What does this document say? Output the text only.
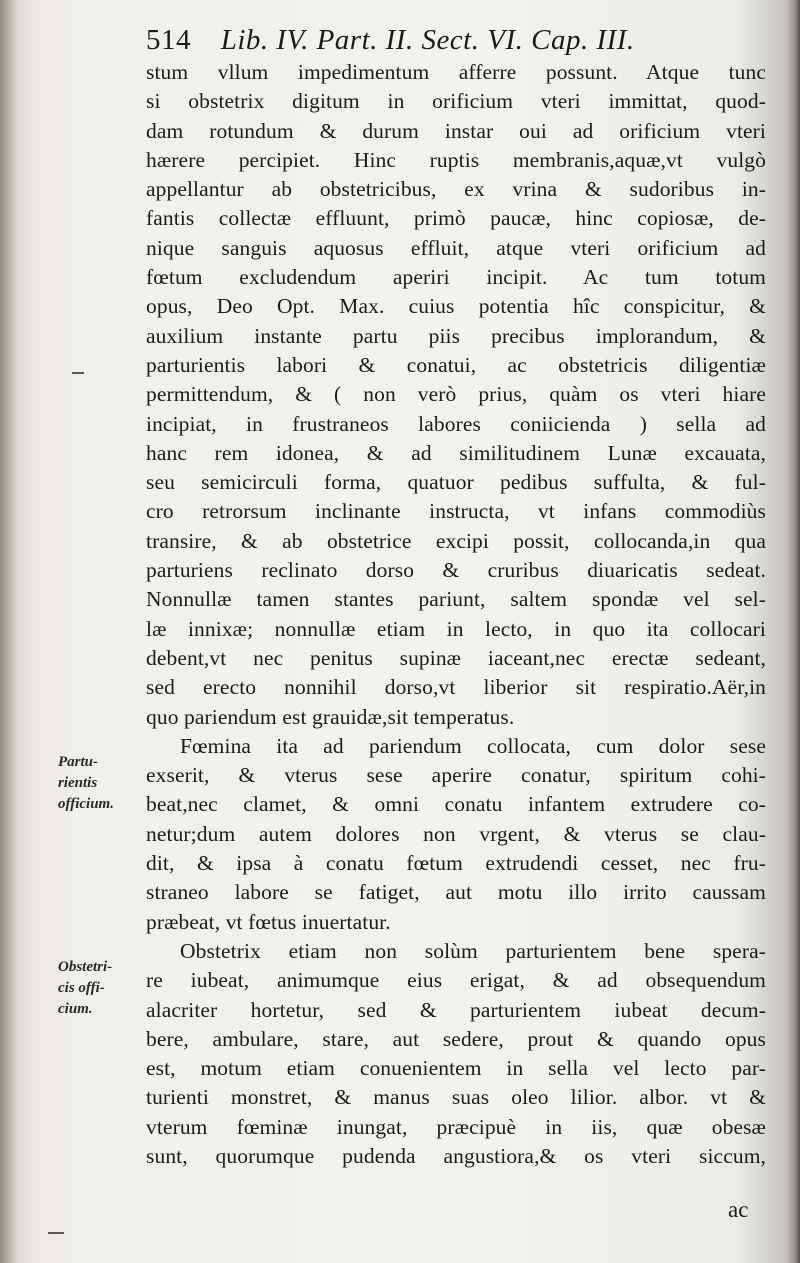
514 Lib. IV. Part. II. Sect. VI. Cap. III.
stum vllum impedimentum afferre possunt. Atque tunc
si obstetrix digitum in orificium vteri immittat, quod-
dam rotundum & durum instar oui ad orificium vteri
hærere percipiet. Hinc ruptis membranis,aquæ,vt vulgò
appellantur ab obstetricibus, ex vrina & sudoribus in-
fantis collectæ effluunt, primò paucæ, hinc copiosæ, de-
nique sanguis aquosus effluit, atque vteri orificium ad
fœtum excludendum aperiri incipit. Ac tum totum
opus, Deo Opt. Max. cuius potentia hîc conspicitur, &
auxilium instante partu piis precibus implorandum, &
parturientis labori & conatui, ac obstetricis diligentiæ
permittendum, & ( non verò prius, quàm os vteri hiare
incipiat, in frustraneos labores coniicienda ) sella ad
hanc rem idonea, & ad similitudinem Lunæ excauata,
seu semicirculi forma, quatuor pedibus suffulta, & ful-
cro retrorsum inclinante instructa, vt infans commodiùs
transire, & ab obstetrice excipi possit, collocanda,in qua
parturiens reclinato dorso & cruribus diuaricatis sedeat.
Nonnullæ tamen stantes pariunt, saltem spondæ vel sel-
læ innixæ; nonnullæ etiam in lecto, in quo ita collocari
debent,vt nec penitus supinæ iaceant,nec erectæ sedeant,
sed erecto nonnihil dorso,vt liberior sit respiratio.Aër,in
quo pariendum est grauidæ,sit temperatus.
Fœmina ita ad pariendum collocata, cum dolor sese
exserit, & vterus sese aperire conatur, spiritum cohi-
beat,nec clamet, & omni conatu infantem extrudere co-
netur;dum autem dolores non vrgent, & vterus se clau-
dit, & ipsa à conatu fœtum extrudendi cesset, nec fru-
straneo labore se fatiget, aut motu illo irrito caussam
præbeat, vt fœtus inuertatur.
Obstetrix etiam non solùm parturientem bene spera-
re iubeat, animumque eius erigat, & ad obsequendum
alacriter hortetur, sed & parturientem iubeat decum-
bere, ambulare, stare, aut sedere, prout & quando opus
est, motum etiam conuenientem in sella vel lecto par-
turienti monstret, & manus suas oleo lilior. albor. vt &
vterum fœminæ inungat, præcipuè in iis, quæ obesæ
sunt, quorumque pudenda angustiora,& os vteri siccum,
Partu-
rientis
officium.
Obstetri-
cis offi-
cium.
ac
